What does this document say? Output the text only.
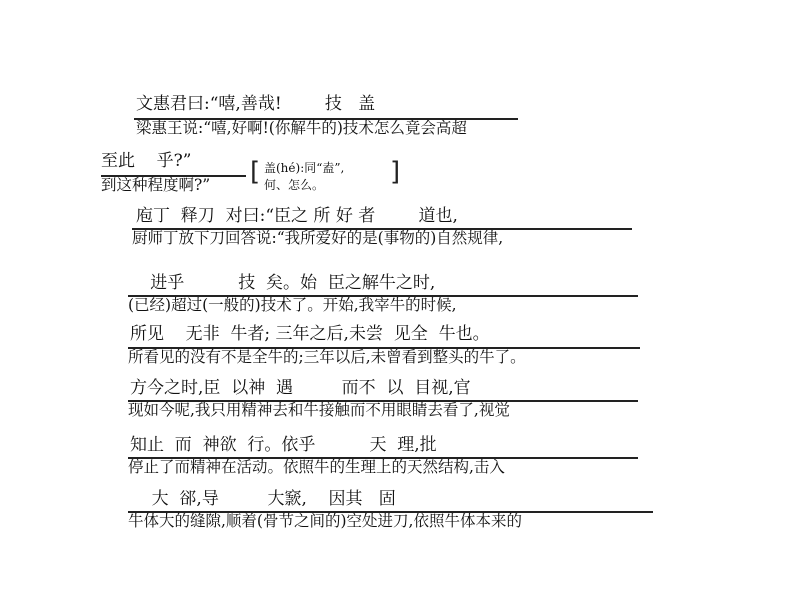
文惠君曰:“嘻,善哉!        技   盖
梁惠王说:“嘻,好啊!(你解牛的)技术怎么竟会高超
至此    乎?”
到这种程度啊?” [ 盖(hé):同“盍”,
何、怎么。	]
庖丁  释刀  对曰:“臣之 所 好 者        道也,
厨师丁放下刀回答说:“我所爱好的是(事物的)自然规律,
进乎          技  矣。始  臣之解牛之时,
(已经)超过(一般的)技术了。开始,我宰牛的时候,
所见    无非  牛者; 三年之后,未尝  见全  牛也。
所看见的没有不是全牛的;三年以后,未曾看到整头的牛了。
方今之时,臣  以神  遇         而不  以  目视,官
现如今呢,我只用精神去和牛接触而不用眼睛去看了,视觉
知止  而  神欲  行。依乎          天  理,批
停止了而精神在活动。依照牛的生理上的天然结构,击入
大  郤,导         大窾,    因其   固
牛体大的缝隙,顺着(骨节之间的)空处进刀,依照牛体本来的
